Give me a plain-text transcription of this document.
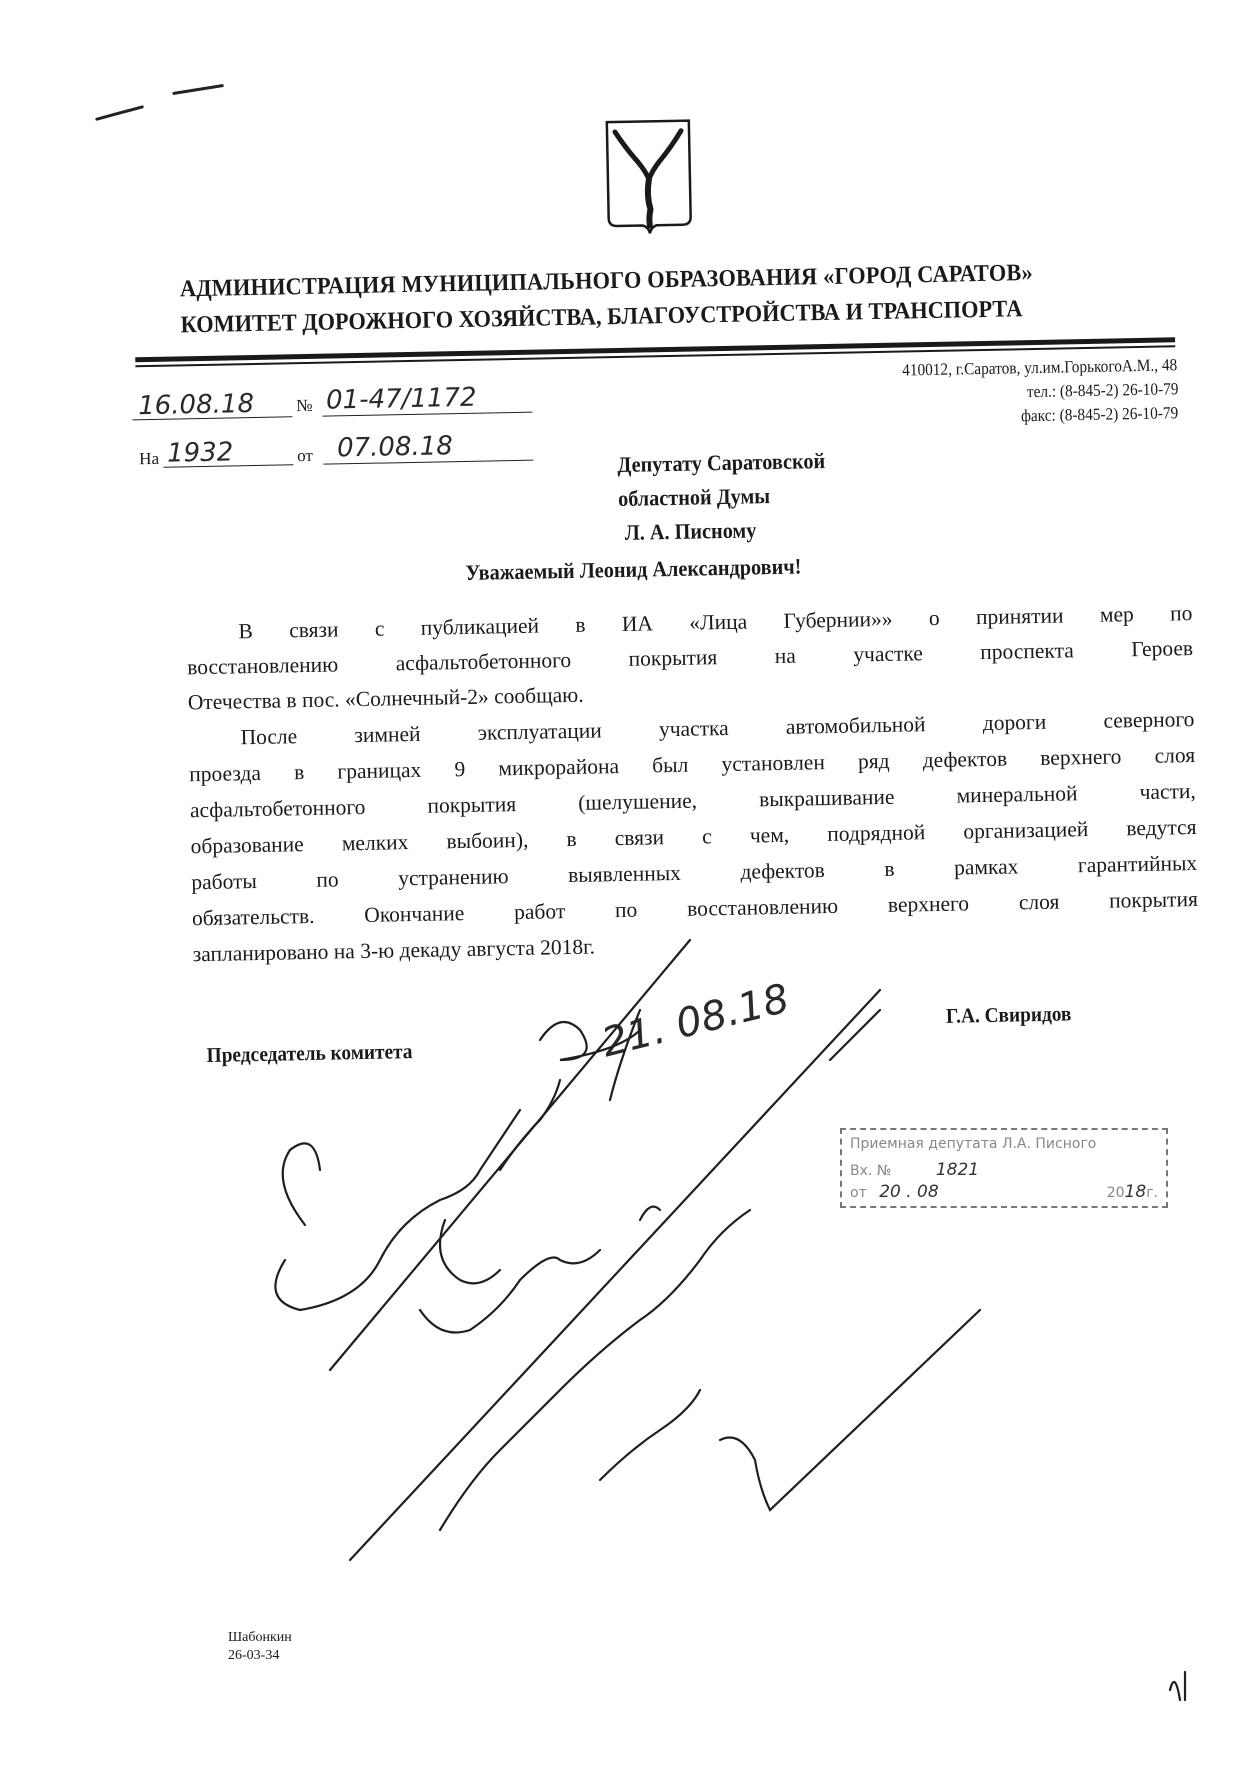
АДМИНИСТРАЦИЯ МУНИЦИПАЛЬНОГО ОБРАЗОВАНИЯ «ГОРОД САРАТОВ»
КОМИТЕТ ДОРОЖНОГО ХОЗЯЙСТВА, БЛАГОУСТРОЙСТВА И ТРАНСПОРТА
410012, г.Саратов, ул.им.ГорькогоА.М., 48
тел.: (8-845-2) 26-10-79
факс: (8-845-2) 26-10-79
16.08.18 № 01-47/1172
На 1932	от 07.08.18	Депутату Саратовской
областной Думы
Л. А. Писному
Уважаемый Леонид Александрович!
В связи с публикацией в ИА «Лица Губернии»» о принятии мер по
восстановлению асфальтобетонного покрытия на участке проспекта Героев
Отечества в пос. «Солнечный-2» сообщаю.
После зимней эксплуатации участка автомобильной дороги северного
проезда в границах 9 микрорайона был установлен ряд дефектов верхнего слоя
асфальтобетонного покрытия (шелушение, выкрашивание минеральной части,
образование мелких выбоин), в связи с чем, подрядной организацией ведутся
работы по устранению выявленных дефектов в рамках гарантийных
обязательств. Окончание работ по восстановлению верхнего слоя покрытия
запланировано на 3-ю декаду августа 2018г.
Председатель комитета
Г.А. Свиридов
21. 08.18
Приемная депутата Л.А. Писного
Вх. №	1821
от 20 . 08	2018г.
Шабонкин
26-03-34
